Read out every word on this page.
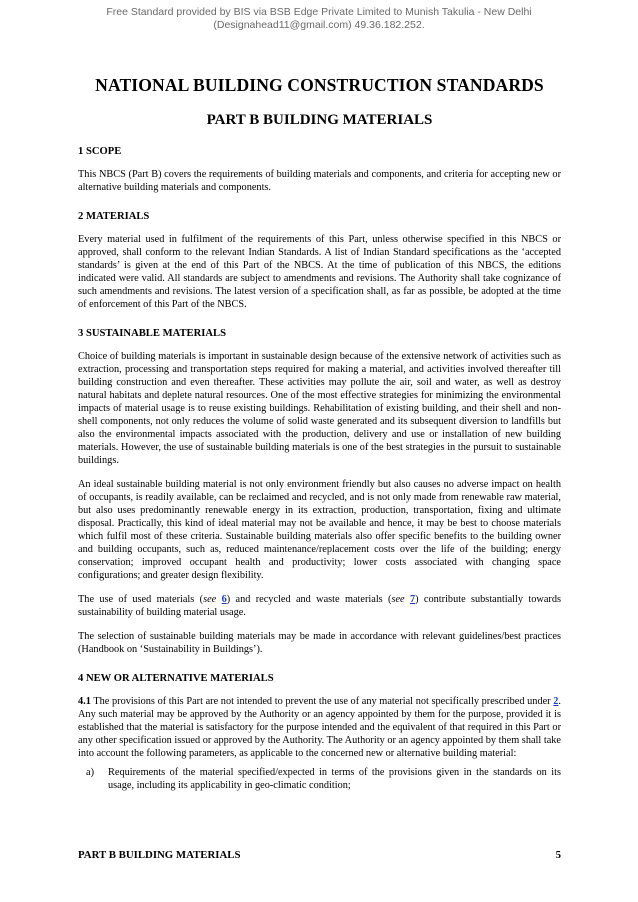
Free Standard provided by BIS via BSB Edge Private Limited to Munish Takulia - New Delhi
(Designahead11@gmail.com) 49.36.182.252.
NATIONAL BUILDING CONSTRUCTION STANDARDS
PART B BUILDING MATERIALS
1 SCOPE

This NBCS (Part B) covers the requirements of building materials and components, and criteria for accepting new or alternative building materials and components.

2 MATERIALS

Every material used in fulfilment of the requirements of this Part, unless otherwise specified in this NBCS or approved, shall conform to the relevant Indian Standards. A list of Indian Standard specifications as the ‘accepted standards’ is given at the end of this Part of the NBCS. At the time of publication of this NBCS, the editions indicated were valid. All standards are subject to amendments and revisions. The Authority shall take cognizance of such amendments and revisions. The latest version of a specification shall, as far as possible, be adopted at the time of enforcement of this Part of the NBCS.

3 SUSTAINABLE MATERIALS

Choice of building materials is important in sustainable design because of the extensive network of activities such as extraction, processing and transportation steps required for making a material, and activities involved thereafter till building construction and even thereafter. These activities may pollute the air, soil and water, as well as destroy natural habitats and deplete natural resources. One of the most effective strategies for minimizing the environmental impacts of material usage is to reuse existing buildings. Rehabilitation of existing building, and their shell and non-shell components, not only reduces the volume of solid waste generated and its subsequent diversion to landfills but also the environmental impacts associated with the production, delivery and use or installation of new building materials. However, the use of sustainable building materials is one of the best strategies in the pursuit to sustainable buildings.

An ideal sustainable building material is not only environment friendly but also causes no adverse impact on health of occupants, is readily available, can be reclaimed and recycled, and is not only made from renewable raw material, but also uses predominantly renewable energy in its extraction, production, transportation, fixing and ultimate disposal. Practically, this kind of ideal material may not be available and hence, it may be best to choose materials which fulfil most of these criteria. Sustainable building materials also offer specific benefits to the building owner and building occupants, such as, reduced maintenance/replacement costs over the life of the building; energy conservation; improved occupant health and productivity; lower costs associated with changing space configurations; and greater design flexibility.

The use of used materials (see 6) and recycled and waste materials (see 7) contribute substantially towards sustainability of building material usage.

The selection of sustainable building materials may be made in accordance with relevant guidelines/best practices (Handbook on ‘Sustainability in Buildings’).

4 NEW OR ALTERNATIVE MATERIALS

4.1 The provisions of this Part are not intended to prevent the use of any material not specifically prescribed under 2. Any such material may be approved by the Authority or an agency appointed by them for the purpose, provided it is established that the material is satisfactory for the purpose intended and the equivalent of that required in this Part or any other specification issued or approved by the Authority. The Authority or an agency appointed by them shall take into account the following parameters, as applicable to the concerned new or alternative building material:

a)	Requirements of the material specified/expected in terms of the provisions given in the standards on its usage, including its applicability in geo-climatic condition;
PART B BUILDING MATERIALS	5
